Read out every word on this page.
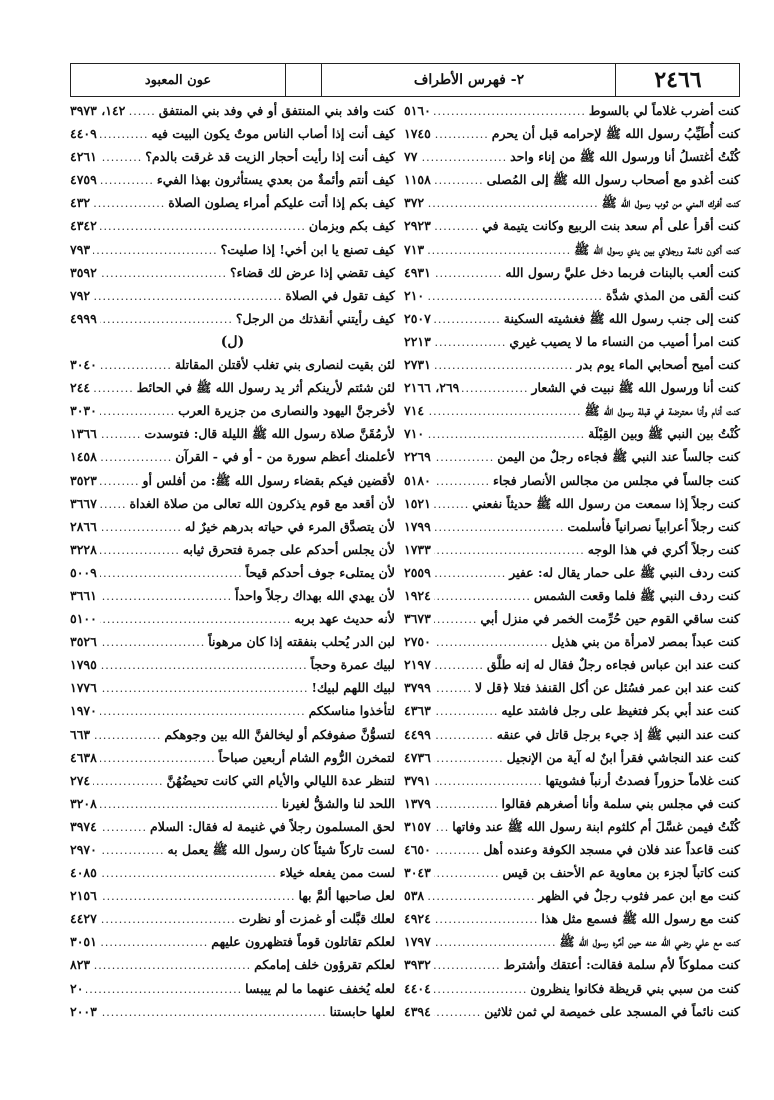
٢٤٦٦
٢- فهرس الأطراف
عون المعبود
كنت أضرب غلاماً لي بالسوط
.....
٥١٦٠
كنت أُطَيِّبُ رسول الله ﷺ لإحرامه قبل أن يحرم
.....
١٧٤٥
كُنْتُ أغتسلُ أنا ورسول الله ﷺ من إناء واحد
.....
٧٧
كنت أغدو مع أصحاب رسول الله ﷺ إلى المُصلى
.....
١١٥٨
كنت أفرك المني من ثوب رسول الله ﷺ
.....
٣٧٢
كنت أقرأ على أم سعد بنت الربيع وكانت يتيمة في
.....
٢٩٢٣
كنت أكون نائمة ورجلاي بين يدي رسول الله ﷺ
.....
٧١٣
كنت ألعب بالبنات فربما دخل عليَّ رسول الله
.....
٤٩٣١
كنت ألقى من المذي شدَّة
.....
٢١٠
كنت إلى جنب رسول الله ﷺ فغشيته السكينة
.....
٢٥٠٧
كنت امرأ أصيب من النساء ما لا يصيب غيري
.....
٢٢١٣
كنت أميح أصحابي الماء يوم بدر
.....
٢٧٣١
كنت أنا ورسول الله ﷺ نبيت في الشعار
.....
٢٦٩، ٢١٦٦
كنت أنام وأنا معترضة في قبلة رسول الله ﷺ
.....
٧١٤
كُنْتُ بين النبي ﷺ وبين القِبْلَة
.....
٧١٠
كنت جالساً عند النبي ﷺ فجاءه رجلٌ من اليمن
.....
٢٢٦٩
كنت جالساً في مجلس من مجالس الأنصار فجاء
.....
٥١٨٠
كنت رجلاً إذا سمعت من رسول الله ﷺ حديثاً نفعني
.....
١٥٢١
كنت رجلاً أعرابياً نصرانياً فأسلمت
.....
١٧٩٩
كنت رجلاً أكري في هذا الوجه
.....
١٧٣٣
كنت ردف النبي ﷺ على حمار يقال له: عفير
.....
٢٥٥٩
كنت ردف النبي ﷺ فلما وقعت الشمس
.....
١٩٢٤
كنت ساقي القوم حين حُرِّمت الخمر في منزل أبي
.....
٣٦٧٣
كنت عبداً بمصر لامرأة من بني هذيل
.....
٢٧٥٠
كنت عند ابن عباس فجاءه رجلٌ فقال له إنه طلَّق
.....
٢١٩٧
كنت عند ابن عمر فسُئل عن أكل القنفذ فتلا ﴿قل لا
.....
٣٧٩٩
كنت عند أبي بكر فتغيظ على رجل فاشتد عليه
.....
٤٣٦٣
كنت عند النبي ﷺ إذ جيء برجل قاتل في عنقه
.....
٤٤٩٩
كنت عند النجاشي فقرأ ابنٌ له آية من الإنجيل
.....
٤٧٣٦
كنت غلاماً حزوراً فصدتُ أرنباً فشويتها
.....
٣٧٩١
كنت في مجلس بني سلمة وأنا أصغرهم فقالوا
.....
١٣٧٩
كُنْتُ فيمن غسَّلَ أم كلثوم ابنة رسول الله ﷺ عند وفاتها
.....
٣١٥٧
كنت قاعداً عند فلان في مسجد الكوفة وعنده أهل
.....
٤٦٥٠
كنت كاتباً لجزء بن معاوية عم الأحنف بن قيس
.....
٣٠٤٣
كنت مع ابن عمر فثوب رجلٌ في الظهر
.....
٥٣٨
كنت مع رسول الله ﷺ فسمع مثل هذا
.....
٤٩٢٤
كنت مع علي رضي الله عنه حين أمَّره رسول الله ﷺ
.....
١٧٩٧
كنت مملوكاً لأم سلمة فقالت: أعتقك وأشترط
.....
٣٩٣٢
كنت من سبي بني قريظة فكانوا ينظرون
.....
٤٤٠٤
كنت نائماً في المسجد على خميصة لي ثمن ثلاثين
.....
٤٣٩٤
كنت وافد بني المنتفق أو في وفد بني المنتفق
.....
١٤٢، ٣٩٧٣
كيف أنت إذا أصاب الناس موتٌ يكون البيت فيه
.....
٤٤٠٩
كيف أنت إذا رأيت أحجار الزيت قد غرقت بالدم؟
.....
٤٢٦١
كيف أنتم وأئمةٌ من بعدي يستأثرون بهذا الفيء
.....
٤٧٥٩
كيف بكم إذا أتت عليكم أمراء يصلون الصلاة
.....
٤٣٢
كيف بكم وبزمان
.....
٤٣٤٢
كيف تصنع يا ابن أخي! إذا صليت؟
.....
٧٩٣
كيف تقضي إذا عرض لك قضاء؟
.....
٣٥٩٢
كيف تقول في الصلاة
.....
٧٩٢
كيف رأيتني أنقذتك من الرجل؟
.....
٤٩٩٩
(ل)
لئن بقيت لنصارى بني تغلب لأقتلن المقاتلة
.....
٣٠٤٠
لئن شئتم لأرينكم أثر يد رسول الله ﷺ في الحائط
.....
٢٤٤
لأخرجنَّ اليهود والنصارى من جزيرة العرب
.....
٣٠٣٠
لأرمُقَنَّ صلاة رسول الله ﷺ الليلة قال: فتوسدت
.....
١٣٦٦
لأعلمنك أعظم سورة من - أو في - القرآن
.....
١٤٥٨
لأقضين فيكم بقضاء رسول الله ﷺ: من أفلس أو
.....
٣٥٢٣
لأن أقعد مع قوم يذكرون الله تعالى من صلاة الغداة
.....
٣٦٦٧
لأن يتصدَّق المرء في حياته بدرهم خيرٌ له
.....
٢٨٦٦
لأن يجلس أحدكم على جمرة فتحرق ثيابه
.....
٣٢٢٨
لأن يمتلىء جوف أحدكم قيحاً
.....
٥٠٠٩
لأن يهدي الله بهداك رجلاً واحداً
.....
٣٦٦١
لأنه حديث عهد بربه
.....
٥١٠٠
لبن الدر يُحلب بنفقته إذا كان مرهوناً
.....
٣٥٢٦
لبيك عمرة وحجاً
.....
١٧٩٥
لبيك اللهم لبيك!
.....
١٧٧٦
لتأخذوا مناسككم
.....
١٩٧٠
لتسوُّنَّ صفوفكم أو ليخالفنَّ الله بين وجوهكم
.....
٦٦٣
لتمخرن الرُّوم الشام أربعين صباحاً
.....
٤٦٣٨
لتنظر عدة الليالي والأيام التي كانت تحيضُهُنَّ
.....
٢٧٤
اللحد لنا والشقُّ لغيرنا
.....
٣٢٠٨
لحق المسلمون رجلاً في غنيمة له فقال: السلام
.....
٣٩٧٤
لست تاركاً شيئاً كان رسول الله ﷺ يعمل به
.....
٢٩٧٠
لست ممن يفعله خيلاء
.....
٤٠٨٥
لعل صاحبها ألمَّ بها
.....
٢١٥٦
لعلك قبَّلت أو غمزت أو نظرت
.....
٤٤٢٧
لعلكم تقاتلون قوماً فتظهرون عليهم
.....
٣٠٥١
لعلكم تقرؤون خلف إمامكم
.....
٨٢٣
لعله يُخفف عنهما ما لم ييبسا
.....
٢٠
لعلها حابستنا
.....
٢٠٠٣
